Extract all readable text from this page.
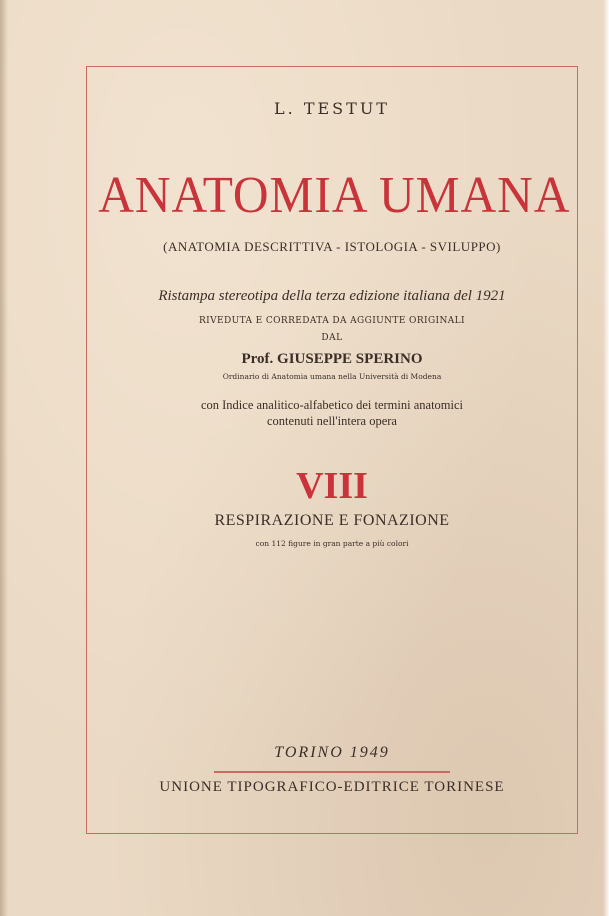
L. TESTUT
ANATOMIA UMANA
(ANATOMIA DESCRITTIVA - ISTOLOGIA - SVILUPPO)
Ristampa stereotipa della terza edizione italiana del 1921
RIVEDUTA E CORREDATA DA AGGIUNTE ORIGINALI
DAL
Prof. GIUSEPPE SPERINO
Ordinario di Anatomia umana nella Università di Modena
con Indice analitico-alfabetico dei termini anatomici
contenuti nell'intera opera
VIII
RESPIRAZIONE E FONAZIONE
con 112 figure in gran parte a più colori
TORINO 1949
UNIONE TIPOGRAFICO-EDITRICE TORINESE
